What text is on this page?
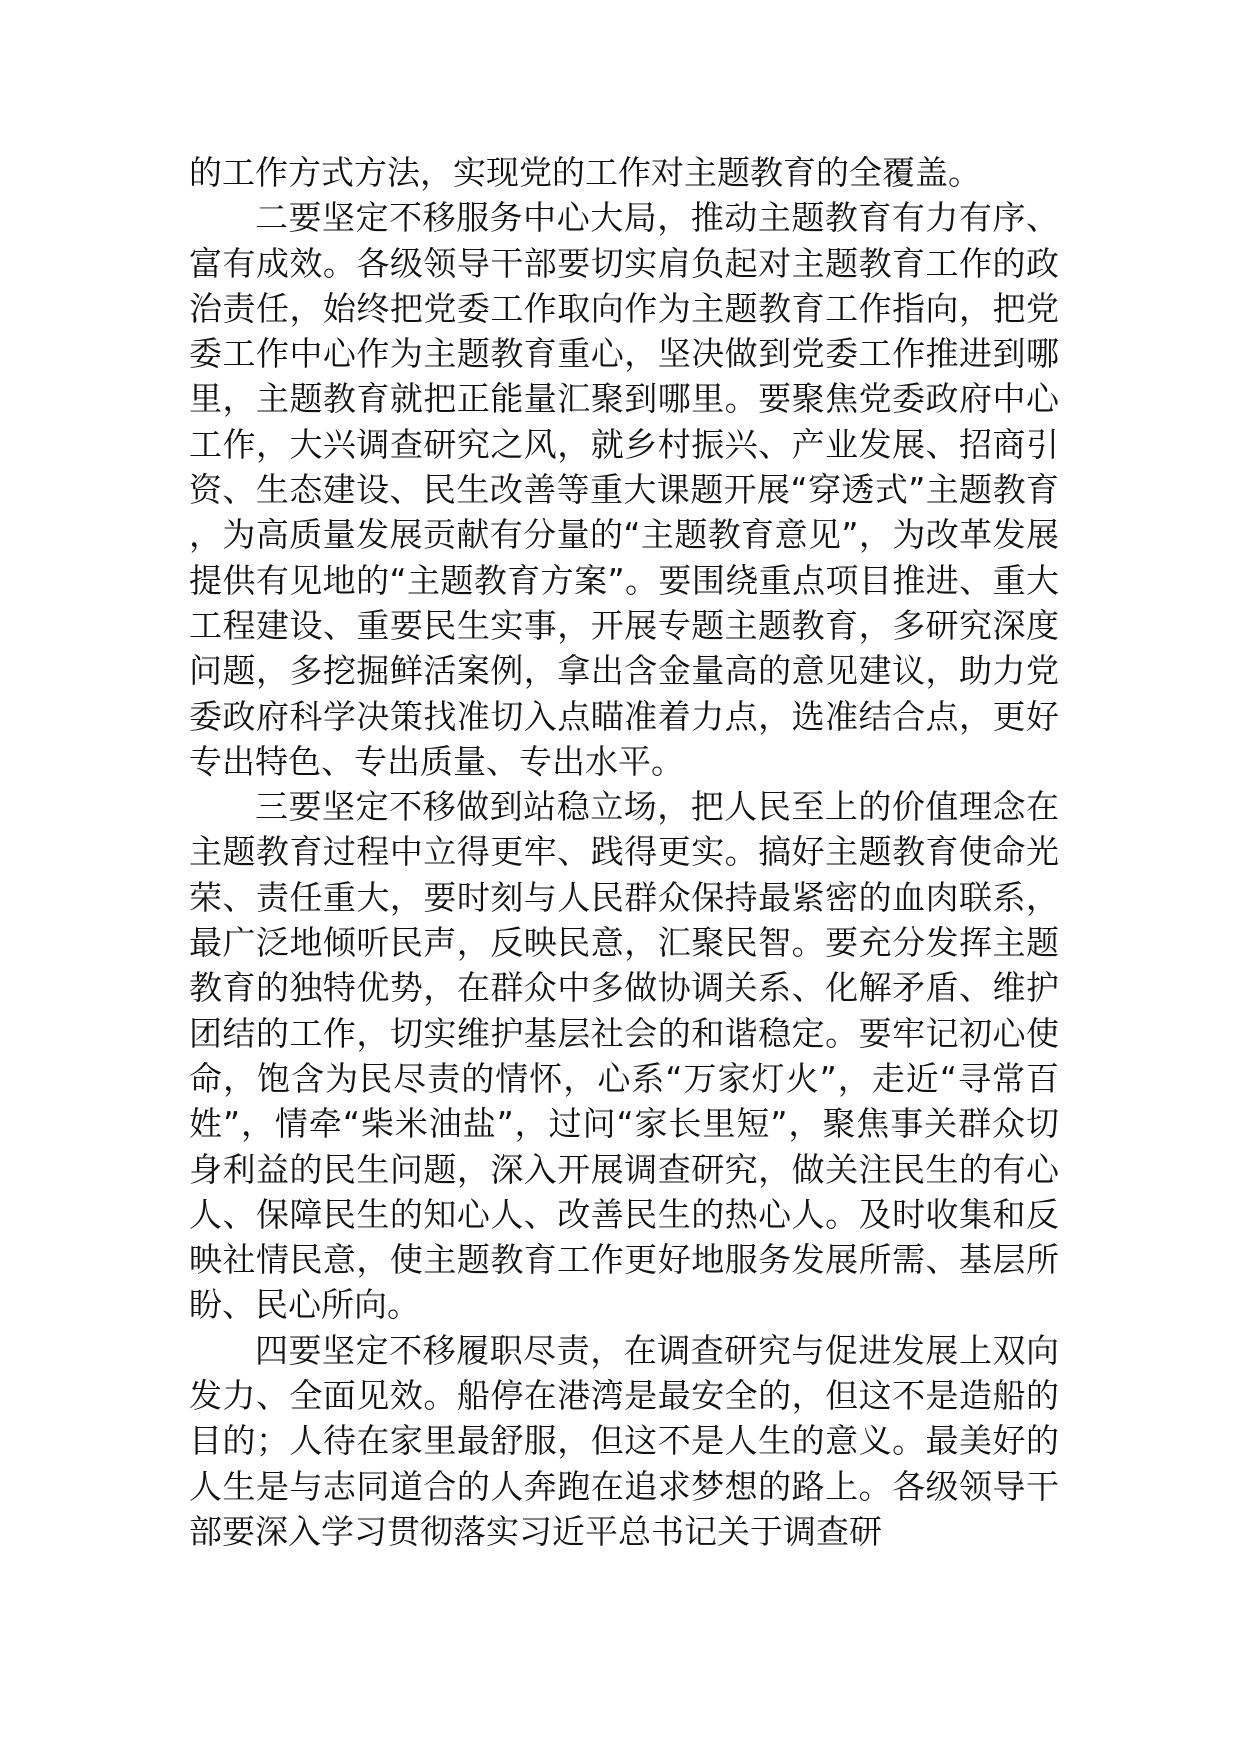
的工作方式方法，实现党的工作对主题教育的全覆盖。

二要坚定不移服务中心大局，推动主题教育有力有序、富有成效。各级领导干部要切实肩负起对主题教育工作的政治责任，始终把党委工作取向作为主题教育工作指向，把党委工作中心作为主题教育重心，坚决做到党委工作推进到哪里，主题教育就把正能量汇聚到哪里。要聚焦党委政府中心工作，大兴调查研究之风，就乡村振兴、产业发展、招商引资、生态建设、民生改善等重大课题开展“穿透式”主题教育，为高质量发展贡献有分量的“主题教育意见”，为改革发展提供有见地的“主题教育方案”。要围绕重点项目推进、重大工程建设、重要民生实事，开展专题主题教育，多研究深度问题，多挖掘鲜活案例，拿出含金量高的意见建议，助力党委政府科学决策找准切入点瞄准着力点，选准结合点，更好专出特色、专出质量、专出水平。

三要坚定不移做到站稳立场，把人民至上的价值理念在主题教育过程中立得更牢、践得更实。搞好主题教育使命光荣、责任重大，要时刻与人民群众保持最紧密的血肉联系，最广泛地倾听民声，反映民意，汇聚民智。要充分发挥主题教育的独特优势，在群众中多做协调关系、化解矛盾、维护团结的工作，切实维护基层社会的和谐稳定。要牢记初心使命，饱含为民尽责的情怀，心系“万家灯火”，走近“寻常百姓”，情牵“柴米油盐”，过问“家长里短”，聚焦事关群众切身利益的民生问题，深入开展调查研究，做关注民生的有心人、保障民生的知心人、改善民生的热心人。及时收集和反映社情民意，使主题教育工作更好地服务发展所需、基层所盼、民心所向。

四要坚定不移履职尽责，在调查研究与促进发展上双向发力、全面见效。船停在港湾是最安全的，但这不是造船的目的；人待在家里最舒服，但这不是人生的意义。最美好的人生是与志同道合的人奔跑在追求梦想的路上。各级领导干部要深入学习贯彻落实习近平总书记关于调查研
